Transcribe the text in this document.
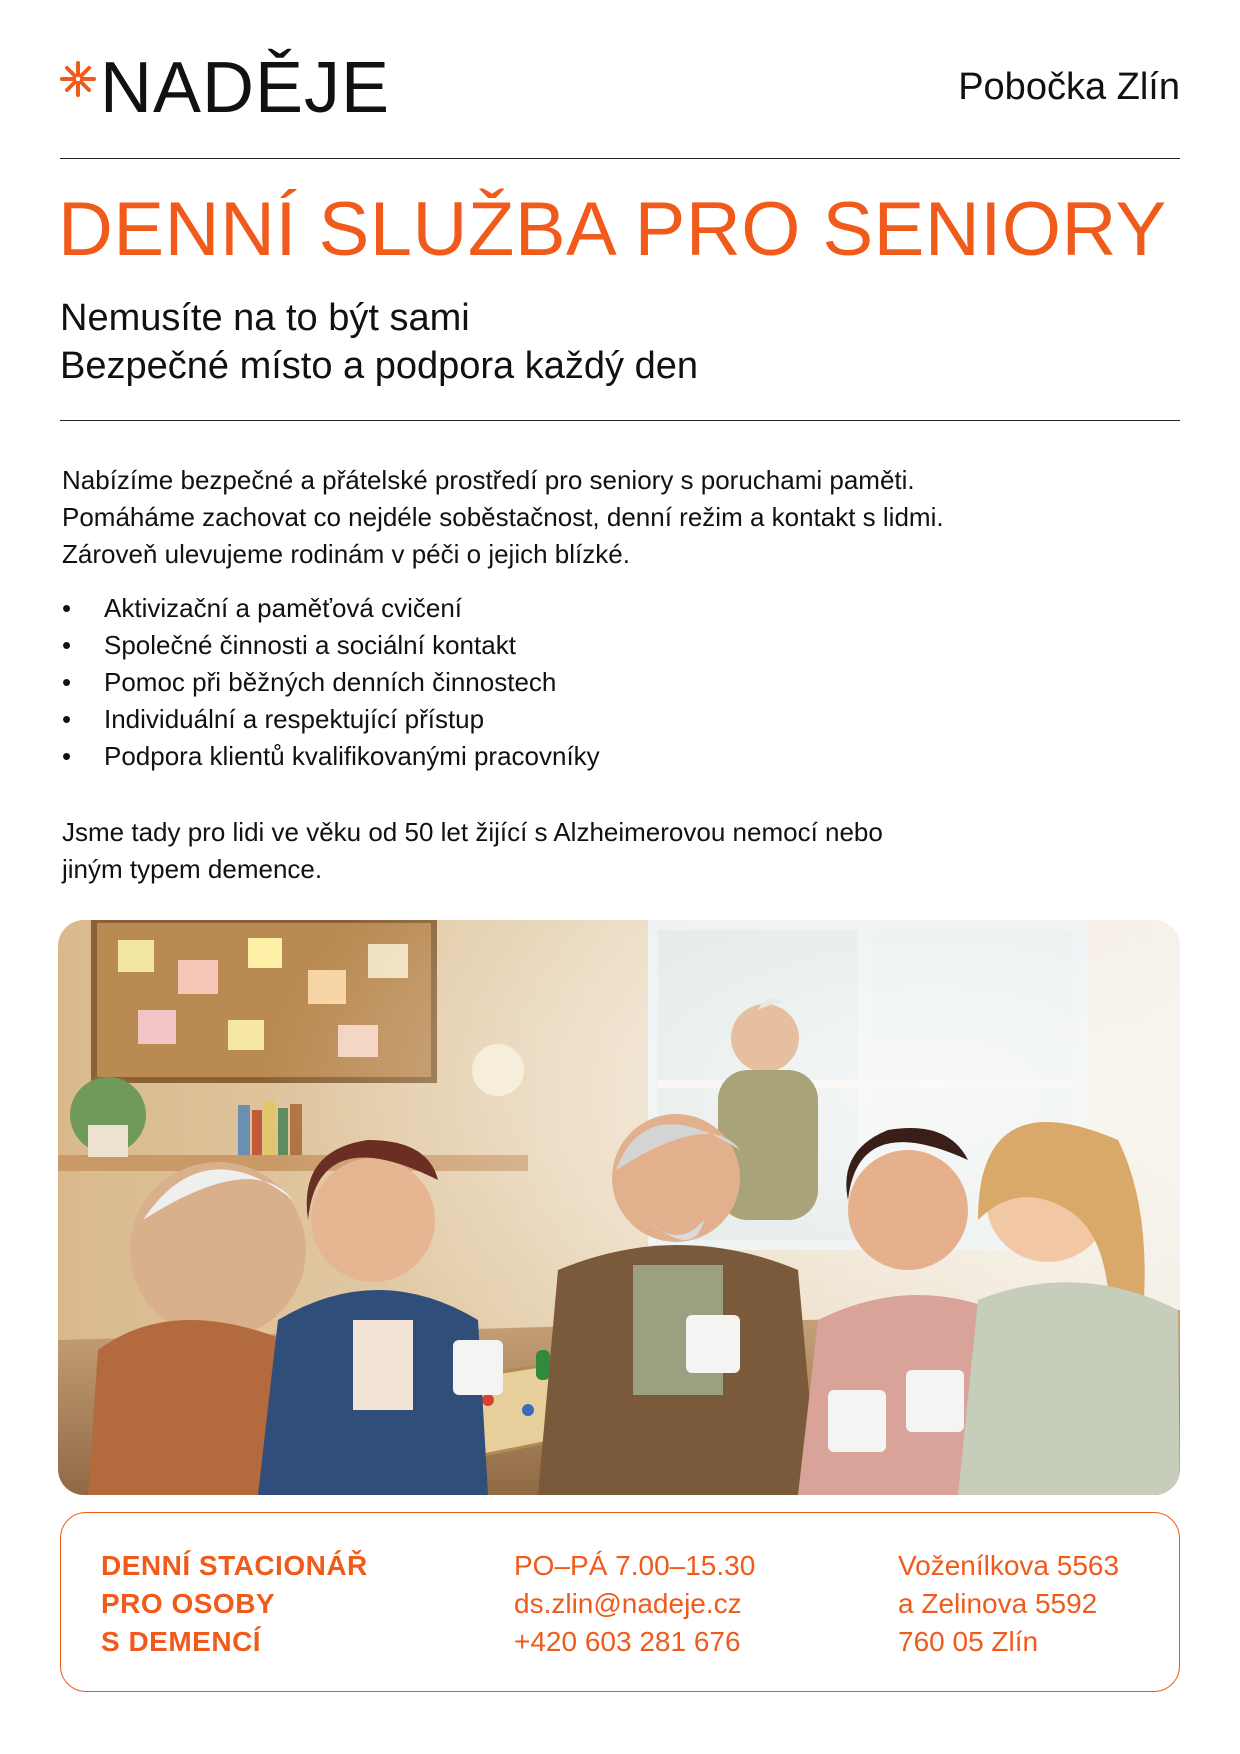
NADĚJE	Pobočka Zlín
DENNÍ SLUŽBA PRO SENIORY
Nemusíte na to být sami
Bezpečné místo a podpora každý den
Nabízíme bezpečné a přátelské prostředí pro seniory s poruchami paměti.
Pomáháme zachovat co nejdéle soběstačnost, denní režim a kontakt s lidmi.
Zároveň ulevujeme rodinám v péči o jejich blízké.
•	Aktivizační a paměťová cvičení
•	Společné činnosti a sociální kontakt
•	Pomoc při běžných denních činnostech
•	Individuální a respektující přístup
•	Podpora klientů kvalifikovanými pracovníky
Jsme tady pro lidi ve věku od 50 let žijící s Alzheimerovou nemocí nebo
jiným typem demence.
DENNÍ STACIONÁŘ
PRO OSOBY
S DEMENCÍ
PO–PÁ 7.00–15.30
ds.zlin@nadeje.cz
+420 603 281 676
Voženílkova 5563
a Zelinova 5592
760 05 Zlín
